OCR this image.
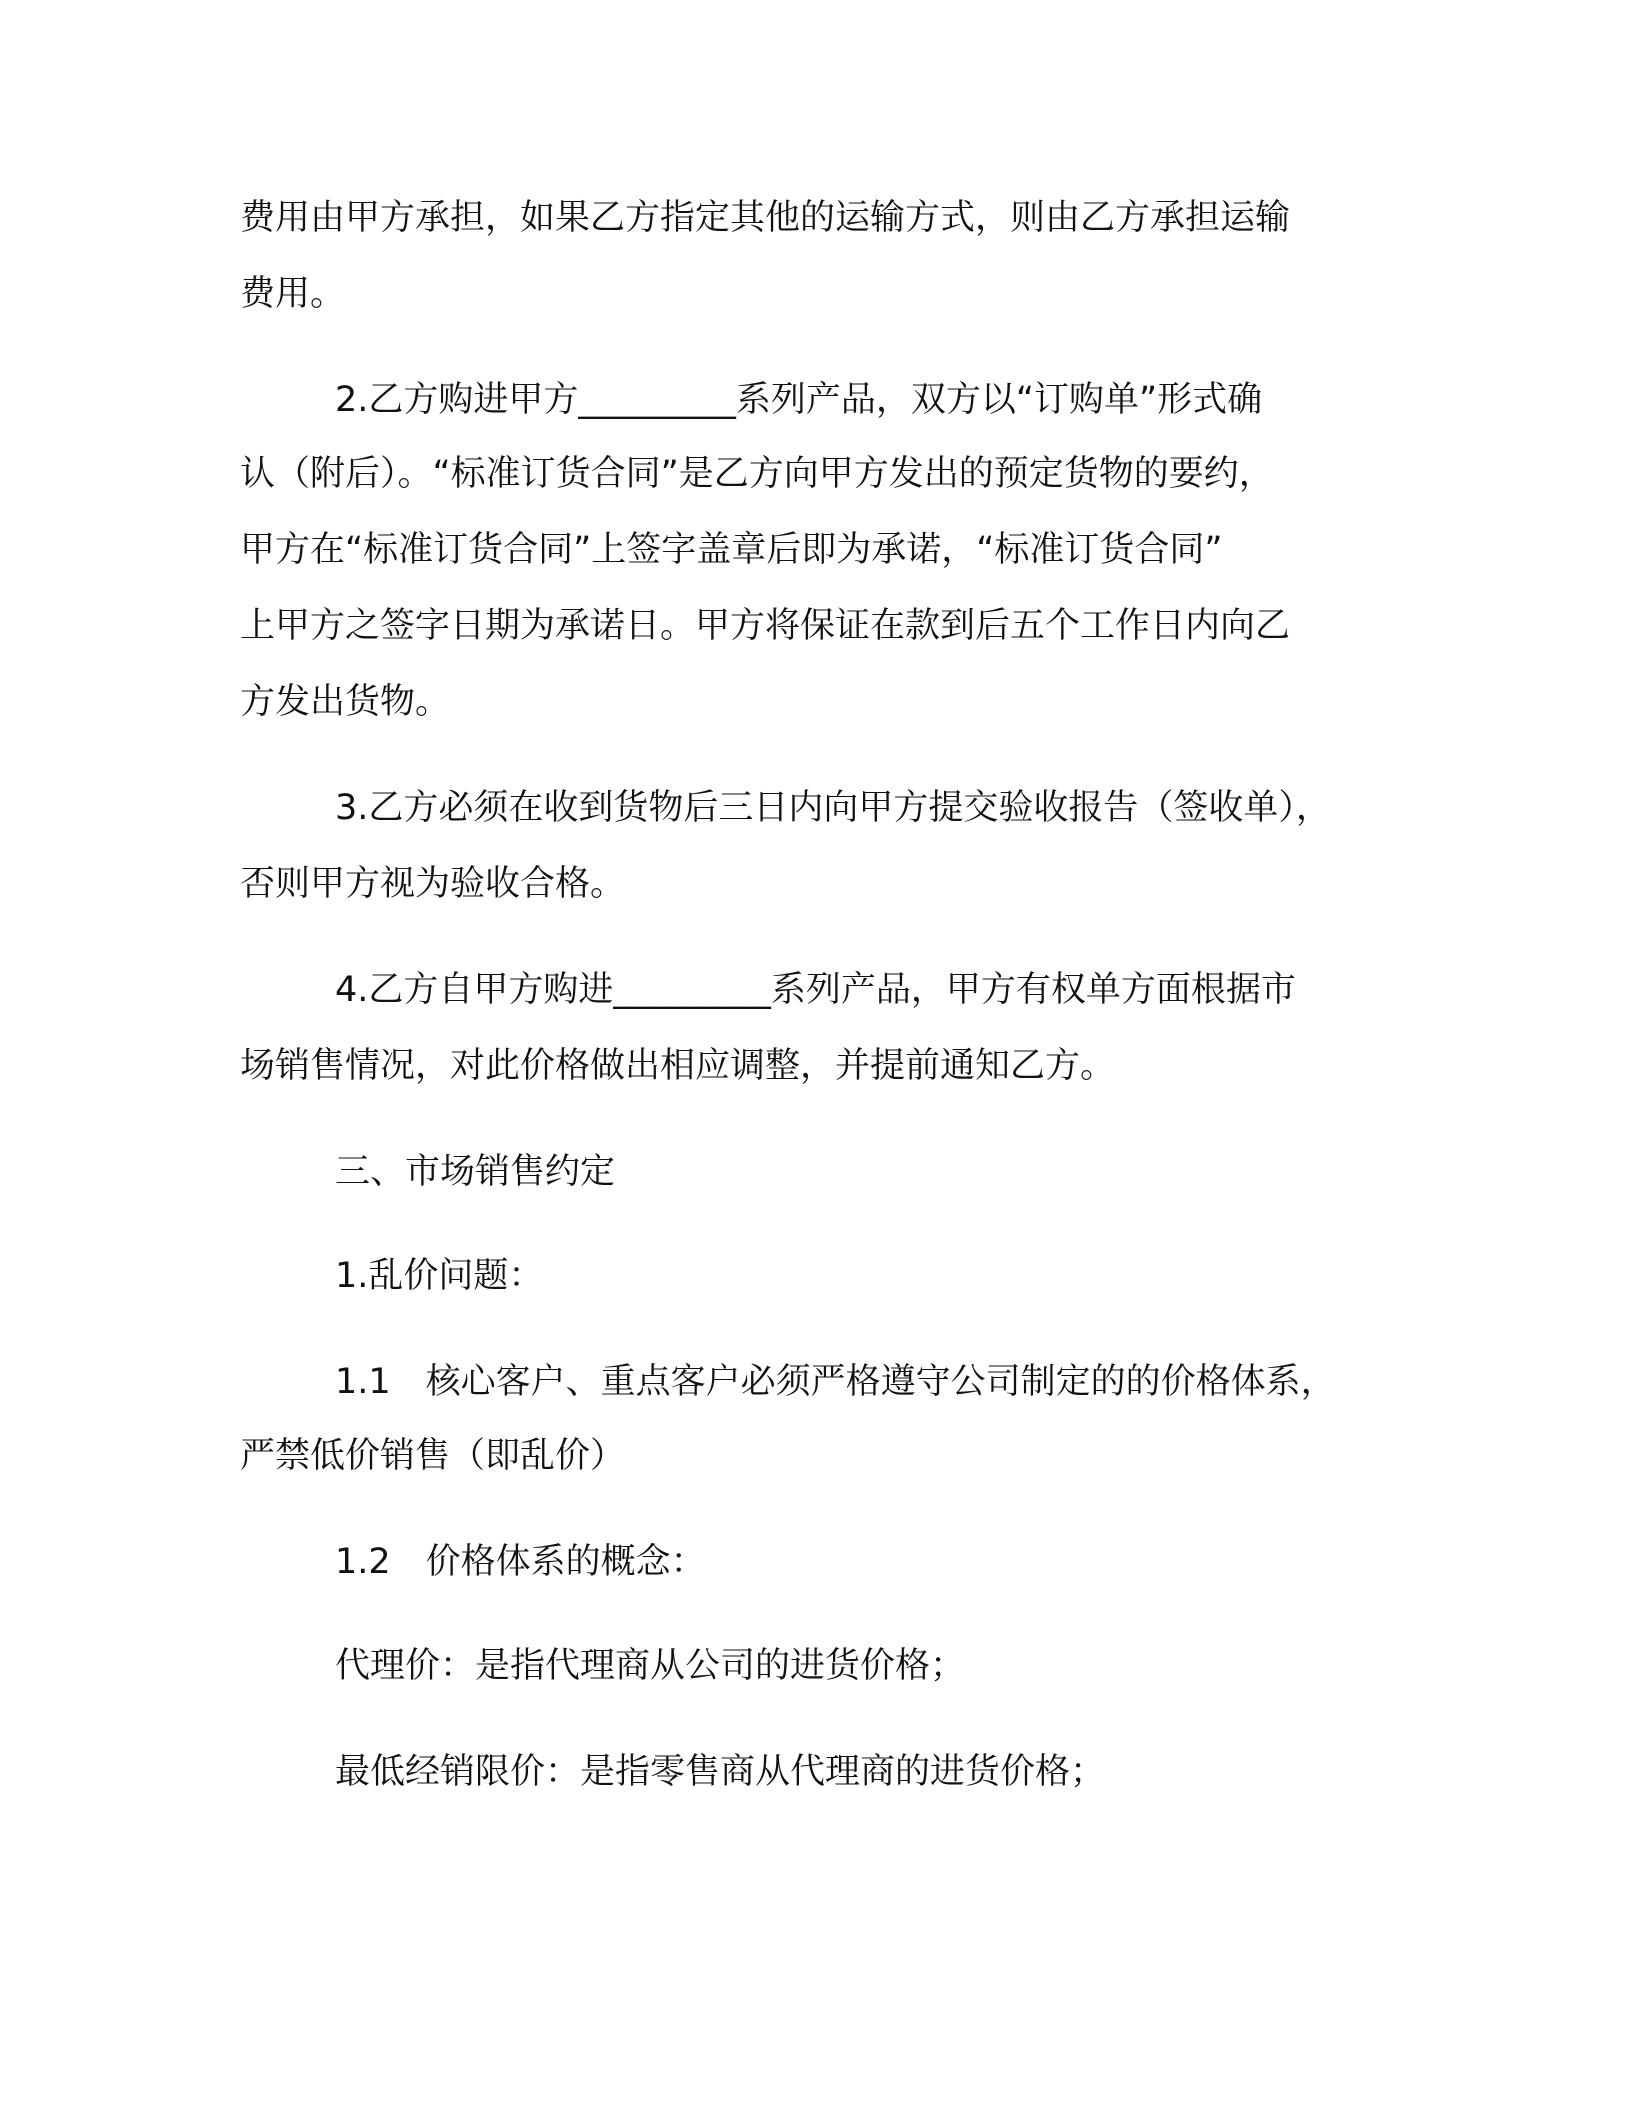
费用由甲方承担，如果乙方指定其他的运输方式，则由乙方承担运输
费用。
2.乙方购进甲方_________系列产品，双方以“订购单”形式确
认（附后）。“标准订货合同”是乙方向甲方发出的预定货物的要约，
甲方在“标准订货合同”上签字盖章后即为承诺，“标准订货合同”
上甲方之签字日期为承诺日。甲方将保证在款到后五个工作日内向乙
方发出货物。
3.乙方必须在收到货物后三日内向甲方提交验收报告（签收单），
否则甲方视为验收合格。
4.乙方自甲方购进_________系列产品，甲方有权单方面根据市
场销售情况，对此价格做出相应调整，并提前通知乙方。
三、市场销售约定
1.乱价问题：
1.1　核心客户、重点客户必须严格遵守公司制定的的价格体系，
严禁低价销售（即乱价）
1.2　价格体系的概念：
代理价：是指代理商从公司的进货价格；
最低经销限价：是指零售商从代理商的进货价格；
